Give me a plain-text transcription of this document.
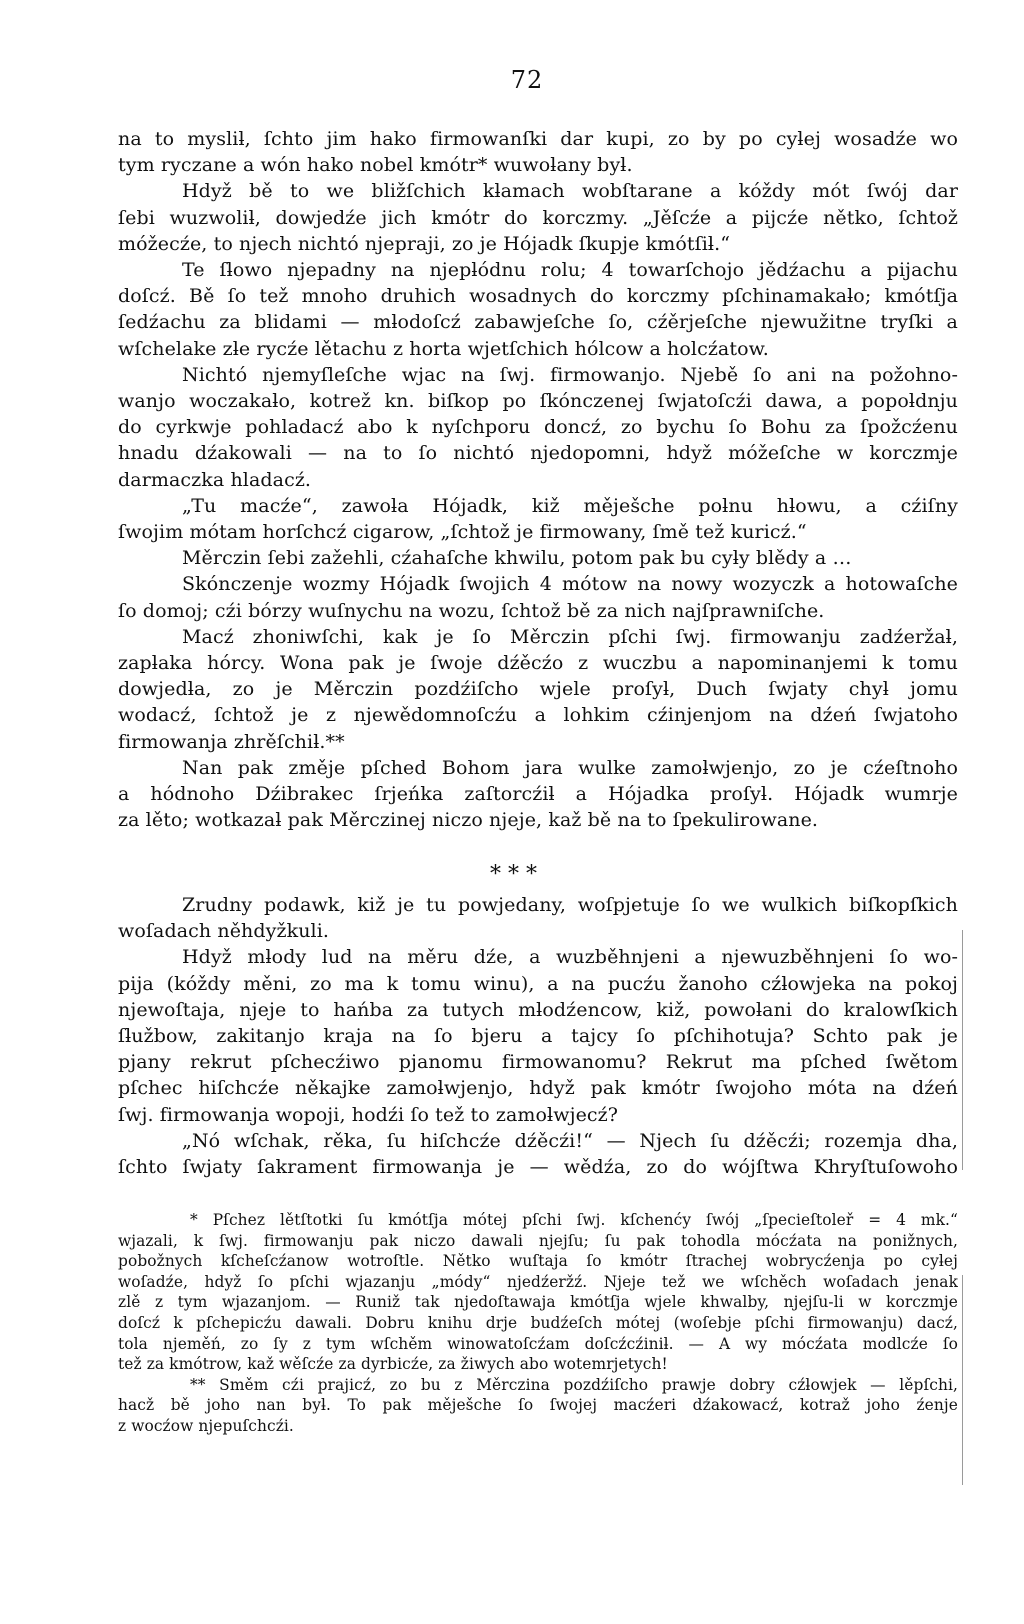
72
na to mysliƚ, ſchto jim hako firmowanſki dar kupi, zo by po cyƚej wosadźe wo
tym ryczane a wón hako nobel kmótr* wuwoƚany byƚ.
Hdyž bě to we bližſchich kƚamach wobſtarane a kóždy mót ſwój dar
ſebi wuzwoliƚ, dowjedźe jich kmótr do korczmy. „Jěſcźe a pijcźe nětko, ſchtož
móžecźe, to njech nichtó njepraji, zo je Hójadk ſkupje kmótſiƚ.“
Te ſƚowo njepadny na njepƚódnu rolu; 4 towarſchojo jědźachu a pijachu
doſcź. Bě ſo tež mnoho druhich wosadnych do korczmy pſchinamakaƚo; kmótſja
ſedźachu za blidami — mƚodoſcź zabawjeſche ſo, cźěrjeſche njewužitne tryſki a
wſchelake zƚe rycźe lětachu z horta wjetſchich hólcow a holcźatow.
Nichtó njemyſleſche wjac na ſwj. firmowanjo. Njebě ſo ani na požohno-
wanjo woczakaƚo, kotrež kn. biſkop po ſkónczenej ſwjatoſcźi dawa, a popoƚdnju
do cyrkwje pohladacź abo k nyſchporu doncź, zo bychu ſo Bohu za ſpožcźenu
hnadu dźakowali — na to ſo nichtó njedopomni, hdyž móžeſche w korczmje
darmaczka hladacź.
„Tu macźe“, zawoƚa Hójadk, kiž měješche poƚnu hƚowu, a cźiſny
ſwojim mótam horſchcź cigarow, „ſchtož je firmowany, ſmě tež kuricź.“
Měrczin ſebi zažehli, cźahaſche khwilu, potom pak bu cyƚy blědy a …
Skónczenje wozmy Hójadk ſwojich 4 mótow na nowy wozyczk a hotowaſche
ſo domoj; cźi bórzy wuſnychu na wozu, ſchtož bě za nich najſprawniſche.
Macź zhoniwſchi, kak je ſo Měrczin pſchi ſwj. firmowanju zadźeržaƚ,
zapƚaka hórcy. Wona pak je ſwoje dźěcźo z wuczbu a napominanjemi k tomu
dowjedƚa, zo je Měrczin pozdźiſcho wjele proſyƚ, Duch ſwjaty chyƚ jomu
wodacź, ſchtož je z njewědomnoſcźu a lohkim cźinjenjom na dźeń ſwjatoho
firmowanja zhrěſchiƚ.**
Nan pak změje pſched Bohom jara wulke zamoƚwjenjo, zo je cźeſtnoho
a hódnoho Dźibrakec ſrjeńka zaſtorcźiƚ a Hójadka proſyƚ. Hójadk wumrje
za lěto; wotkazaƚ pak Měrczinej niczo njeje, kaž bě na to ſpekulirowane.
* * *
Zrudny podawk, kiž je tu powjedany, woſpjetuje ſo we wulkich biſkopſkich
woſadach něhdyžkuli.
Hdyž mƚody lud na měru dźe, a wuzběhnjeni a njewuzběhnjeni ſo wo-
pija (kóždy měni, zo ma k tomu winu), a na pucźu žanoho cźƚowjeka na pokoj
njewoſtaja, njeje to hańba za tutych mƚodźencow, kiž, powoƚani do kralowſkich
ſƚužbow, zakitanjo kraja na ſo bjeru a tajcy ſo pſchihotuja? Schto pak je
pjany rekrut pſchecźiwo pjanomu firmowanomu? Rekrut ma pſched ſwětom
pſchec hiſchcźe někajke zamoƚwjenjo, hdyž pak kmótr ſwojoho móta na dźeń
ſwj. firmowanja wopoji, hodźi ſo tež to zamoƚwjecź?
„Nó wſchak, rěka, ſu hiſchcźe dźěcźi!“ — Njech ſu dźěcźi; rozemja dha,
ſchto ſwjaty ſakrament firmowanja je — wědźa, zo do wójſtwa Khryſtuſowoho
* Pſchez lětſtotki ſu kmótſja mótej pſchi ſwj. kſchenćy ſwój „ſpecieſtoleř = 4 mk.“
wjazali, k ſwj. firmowanju pak niczo dawali njejſu; ſu pak tohodla mócźata na ponižnych,
pobožnych kſcheſcźanow wotroſtle. Nětko wuſtaja ſo kmótr ſtrachej wobrycźenja po cyƚej
woſadźe, hdyž ſo pſchi wjazanju „módy“ njedźeržź. Njeje tež we wſchěch woſadach jenak
zlě z tym wjazanjom. — Runiž tak njedoſtawaja kmótſja wjele khwalby, njejſu-li w korczmje
doſcź k pſchepicźu dawali. Dobru knihu drje budźeſch mótej (woſebje pſchi firmowanju) dacź,
tola njeměń, zo ſy z tym wſchěm winowatoſcźam doſcźcźiniƚ. — A wy mócźata modlcźe ſo
tež za kmótrow, kaž wěſcźe za dyrbicźe, za žiwych abo wotemrjetych!
** Směm cźi prajicź, zo bu z Měrczina pozdźiſcho prawje dobry cźƚowjek — lěpſchi,
hacž bě joho nan byƚ. To pak měješche ſo ſwojej macźeri dźakowacź, kotraž joho źenje
z wocźow njepuſchcźi.
